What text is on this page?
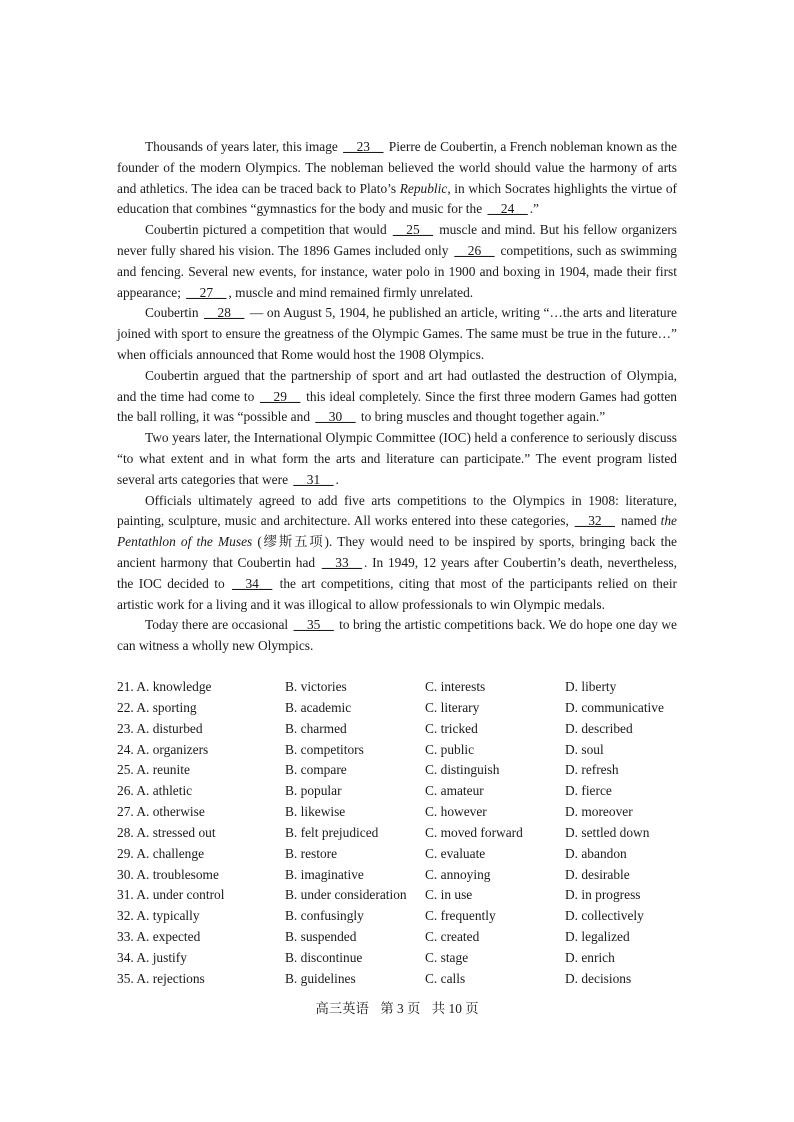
Thousands of years later, this image __23__ Pierre de Coubertin, a French nobleman known as the founder of the modern Olympics. The nobleman believed the world should value the harmony of arts and athletics. The idea can be traced back to Plato’s Republic, in which Socrates highlights the virtue of education that combines “gymnastics for the body and music for the __24__ .”

Coubertin pictured a competition that would __25__ muscle and mind. But his fellow organizers never fully shared his vision. The 1896 Games included only __26__ competitions, such as swimming and fencing. Several new events, for instance, water polo in 1900 and boxing in 1904, made their first appearance; __27__ , muscle and mind remained firmly unrelated.

Coubertin __28__ — on August 5, 1904, he published an article, writing “…the arts and literature joined with sport to ensure the greatness of the Olympic Games. The same must be true in the future…” when officials announced that Rome would host the 1908 Olympics.

Coubertin argued that the partnership of sport and art had outlasted the destruction of Olympia, and the time had come to __29__ this ideal completely. Since the first three modern Games had gotten the ball rolling, it was “possible and __30__ to bring muscles and thought together again.”

Two years later, the International Olympic Committee (IOC) held a conference to seriously discuss “to what extent and in what form the arts and literature can participate.” The event program listed several arts categories that were __31__ .

Officials ultimately agreed to add five arts competitions to the Olympics in 1908: literature, painting, sculpture, music and architecture. All works entered into these categories, __32__ named the Pentathlon of the Muses (缪斯五项). They would need to be inspired by sports, bringing back the ancient harmony that Coubertin had __33__ . In 1949, 12 years after Coubertin’s death, nevertheless, the IOC decided to __34__ the art competitions, citing that most of the participants relied on their artistic work for a living and it was illogical to allow professionals to win Olympic medals.

Today there are occasional __35__ to bring the artistic competitions back. We do hope one day we can witness a wholly new Olympics.

21. A. knowledge	B. victories	C. interests	D. liberty
22. A. sporting	B. academic	C. literary	D. communicative
23. A. disturbed	B. charmed	C. tricked	D. described
24. A. organizers	B. competitors	C. public	D. soul
25. A. reunite	B. compare	C. distinguish	D. refresh
26. A. athletic	B. popular	C. amateur	D. fierce
27. A. otherwise	B. likewise	C. however	D. moreover
28. A. stressed out	B. felt prejudiced	C. moved forward	D. settled down
29. A. challenge	B. restore	C. evaluate	D. abandon
30. A. troublesome	B. imaginative	C. annoying	D. desirable
31. A. under control	B. under consideration	C. in use	D. in progress
32. A. typically	B. confusingly	C. frequently	D. collectively
33. A. expected	B. suspended	C. created	D. legalized
34. A. justify	B. discontinue	C. stage	D. enrich
35. A. rejections	B. guidelines	C. calls	D. decisions
高三英语 第 3 页 共 10 页
